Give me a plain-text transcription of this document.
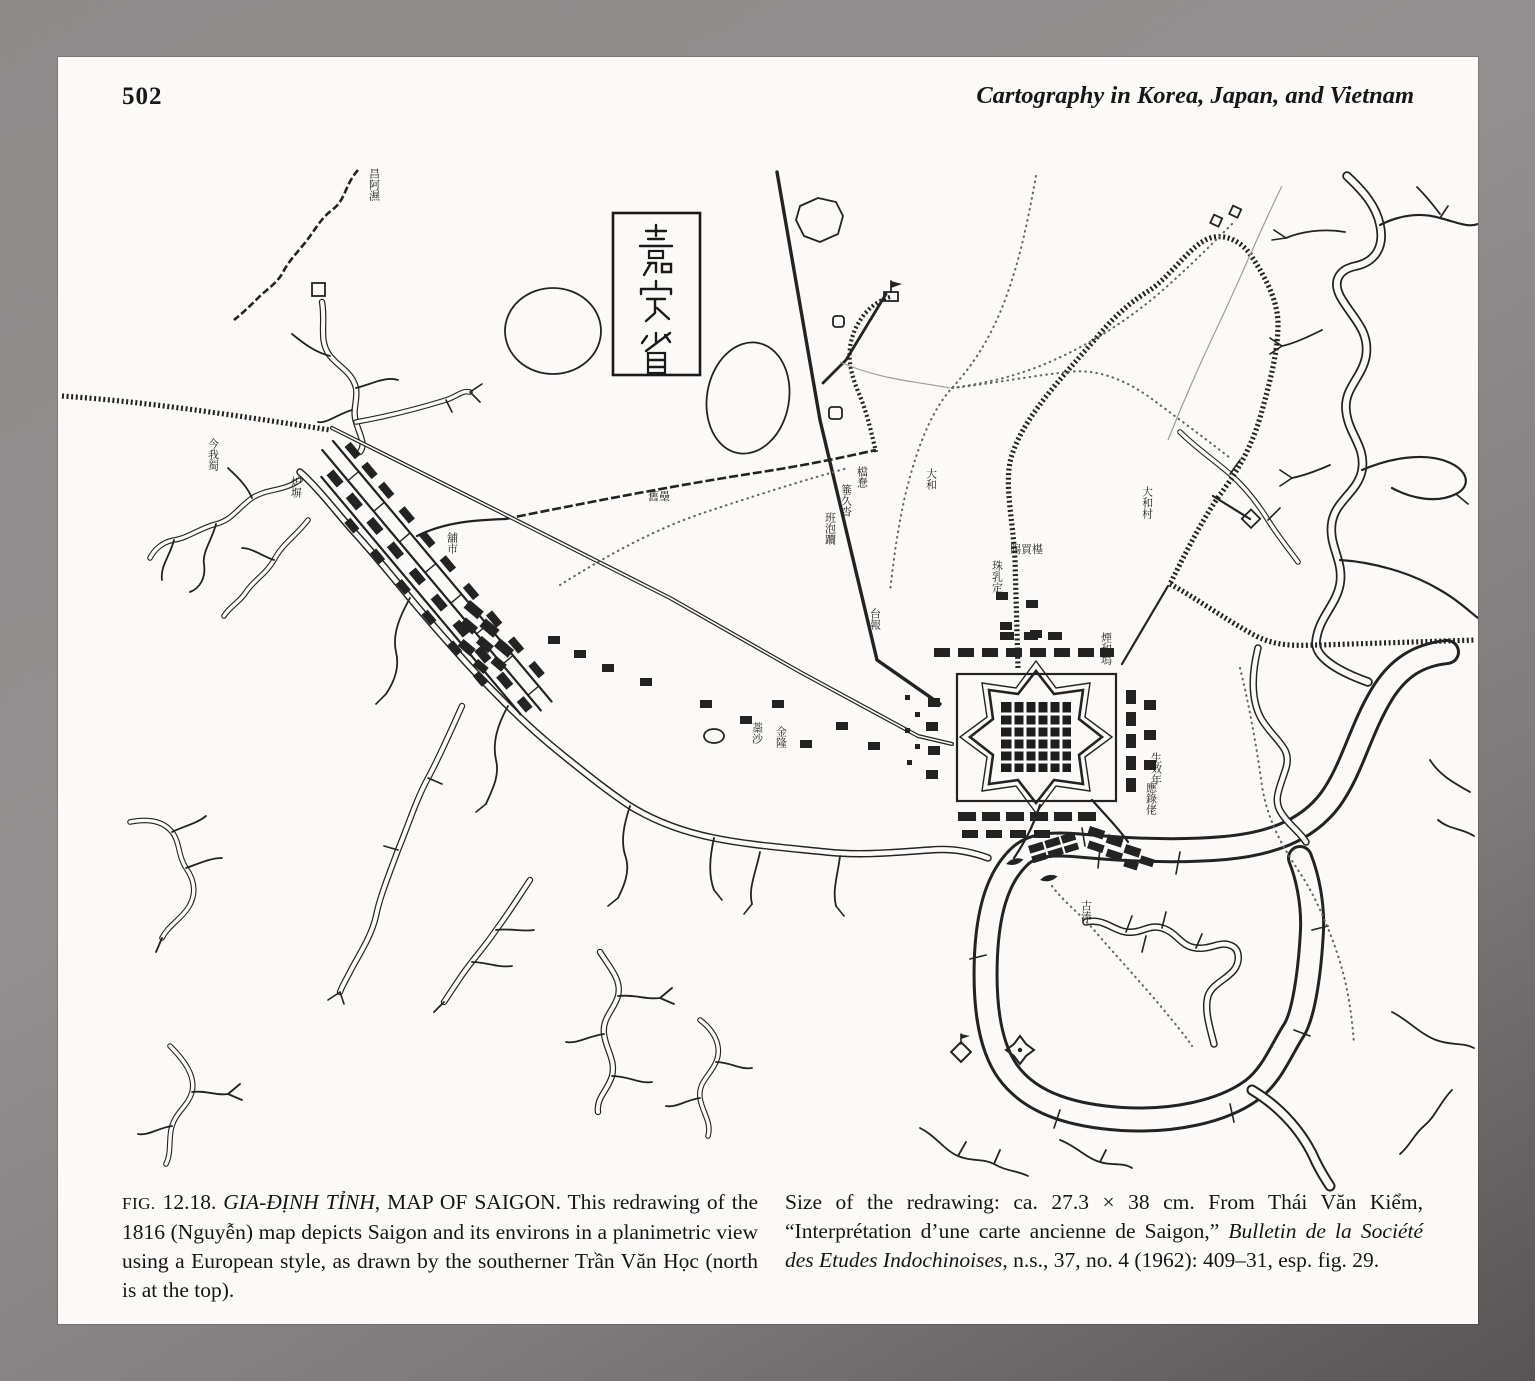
502	Cartography in Korea, Japan, and Vietnam
昌阿濕
今我蜀
炉塀
舖市
舊壘
檔惷
箠久沓
班泡躢
大和
大和村
賜買樭
珠乳定
台報
藁沙 金隆
生效年
應錄佬
古淎
煙和塢

FIG. 12.18. GIA-ĐỊNH TỈNH, MAP OF SAIGON. This redrawing of the 1816 (Nguyễn) map depicts Saigon and its environs in a planimetric view using a European style, as drawn by the southerner Trần Văn Học (north is at the top).

Size of the redrawing: ca. 27.3 × 38 cm. From Thái Văn Kiểm, “Interprétation d’une carte ancienne de Saigon,” Bulletin de la Société des Etudes Indochinoises, n.s., 37, no. 4 (1962): 409–31, esp. fig. 29.
